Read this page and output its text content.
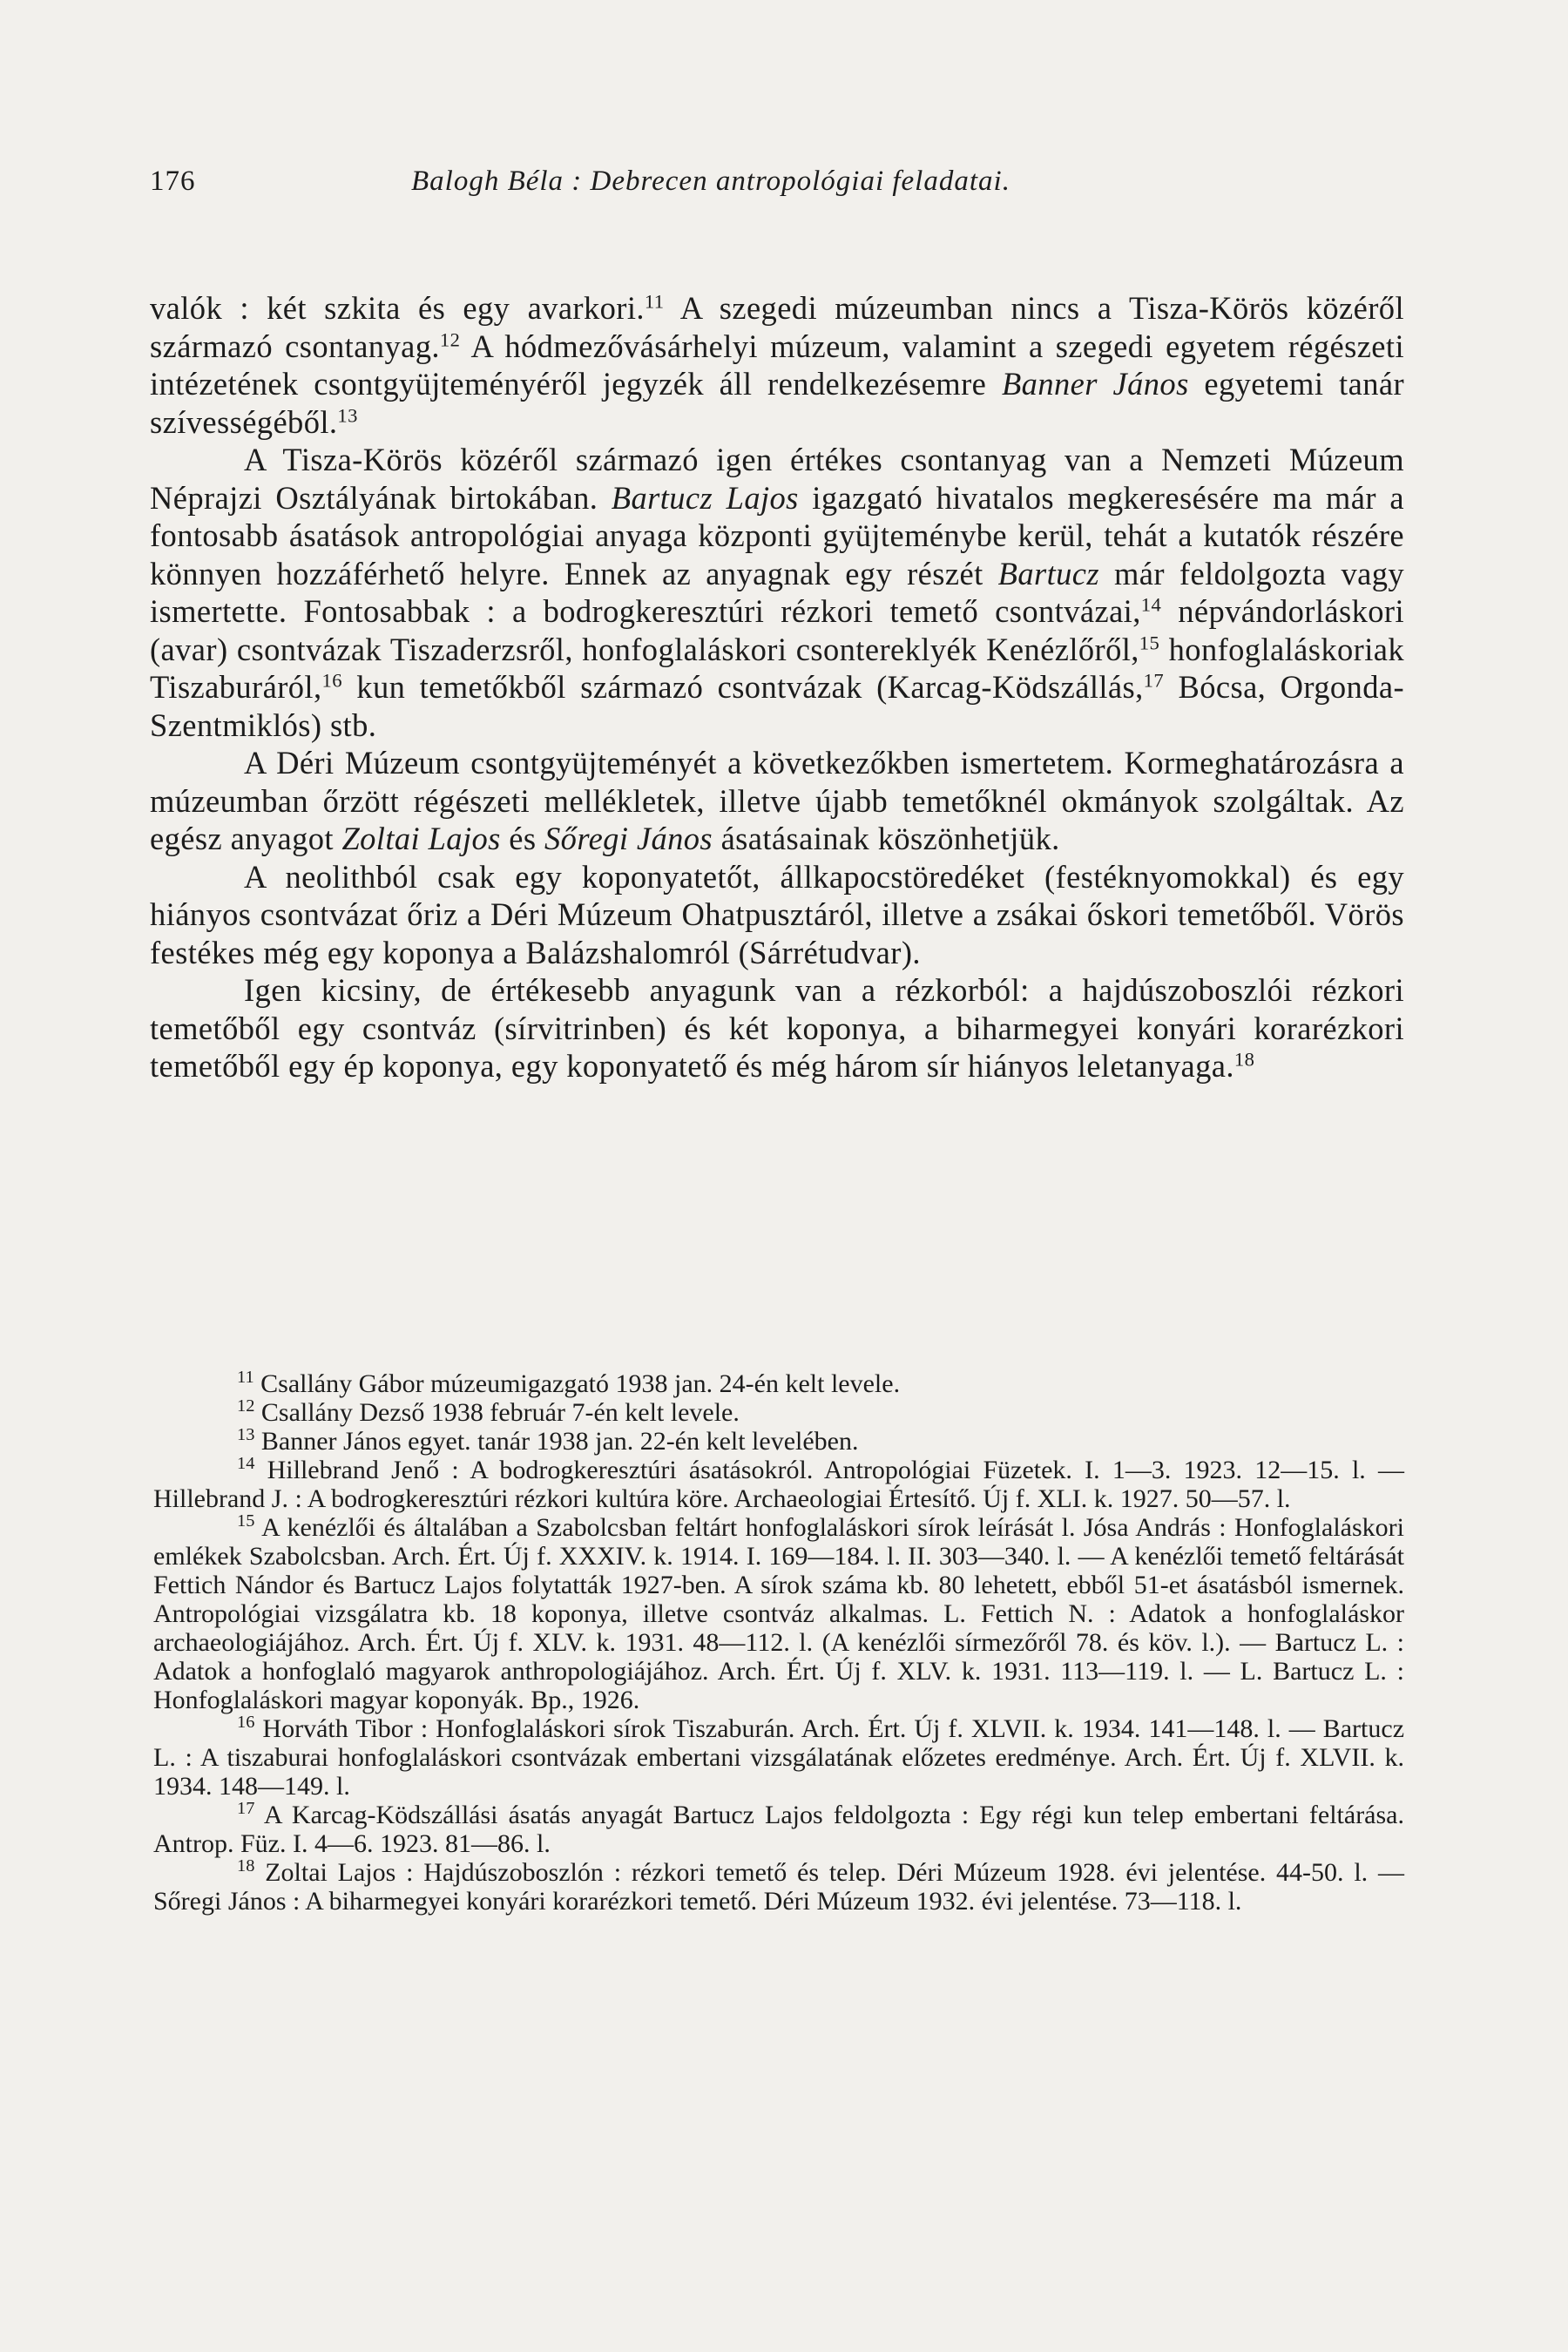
176	Balogh Béla : Debrecen antropológiai feladatai.

valók : két szkita és egy avarkori.$^{11}$ A szegedi múzeumban nincs a Tisza-Körös közéről származó csontanyag.$^{12}$ A hódmezővásárhelyi múzeum, valamint a szegedi egyetem régészeti intézetének csontgyüjteményéről jegyzék áll rendelkezésemre Banner János egyetemi tanár szívességéből.$^{13}$

A Tisza-Körös közéről származó igen értékes csontanyag van a Nemzeti Múzeum Néprajzi Osztályának birtokában. Bartucz Lajos igazgató hivatalos megkeresésére ma már a fontosabb ásatások antropológiai anyaga központi gyüjteménybe kerül, tehát a kutatók részére könnyen hozzáférhető helyre. Ennek az anyagnak egy részét Bartucz már feldolgozta vagy ismertette. Fontosabbak : a bodrogkeresztúri rézkori temető csontvázai,$^{14}$ népvándorláskori (avar) csontvázak Tiszaderzsről, honfoglaláskori csontereklyék Kenézlőről,$^{15}$ honfoglaláskoriak Tiszaburáról,$^{16}$ kun temetőkből származó csontvázak (Karcag-Ködszállás,$^{17}$ Bócsa, Orgonda-Szentmiklós) stb.

A Déri Múzeum csontgyüjteményét a következőkben ismertetem. Kormeghatározásra a múzeumban őrzött régészeti mellékletek, illetve újabb temetőknél okmányok szolgáltak. Az egész anyagot Zoltai Lajos és Sőregi János ásatásainak köszönhetjük.

A neolithból csak egy koponyatetőt, állkapocstöredéket (festéknyomokkal) és egy hiányos csontvázat őriz a Déri Múzeum Ohatpusztáról, illetve a zsákai őskori temetőből. Vörös festékes még egy koponya a Balázshalomról (Sárrétudvar).

Igen kicsiny, de értékesebb anyagunk van a rézkorból: a hajdúszoboszlói rézkori temetőből egy csontváz (sírvitrinben) és két koponya, a biharmegyei konyári korarézkori temetőből egy ép koponya, egy koponyatető és még három sír hiányos leletanyaga.$^{18}$

$^{11}$ Csallány Gábor múzeumigazgató 1938 jan. 24-én kelt levele.

$^{12}$ Csallány Dezső 1938 február 7-én kelt levele.

$^{13}$ Banner János egyet. tanár 1938 jan. 22-én kelt levelében.

$^{14}$ Hillebrand Jenő : A bodrogkeresztúri ásatásokról. Antropológiai Füzetek. I. 1—3. 1923. 12—15. l. — Hillebrand J. : A bodrogkeresztúri rézkori kultúra köre. Archaeologiai Értesítő. Új f. XLI. k. 1927. 50—57. l.

$^{15}$ A kenézlői és általában a Szabolcsban feltárt honfoglaláskori sírok leírását l. Jósa András : Honfoglaláskori emlékek Szabolcsban. Arch. Ért. Új f. XXXIV. k. 1914. I. 169—184. l. II. 303—340. l. — A kenézlői temető feltárását Fettich Nándor és Bartucz Lajos folytatták 1927-ben. A sírok száma kb. 80 lehetett, ebből 51-et ásatásból ismernek. Antropológiai vizsgálatra kb. 18 koponya, illetve csontváz alkalmas. L. Fettich N. : Adatok a honfoglaláskor archaeologiájához. Arch. Ért. Új f. XLV. k. 1931. 48—112. l. (A kenézlői sírmezőről 78. és köv. l.). — Bartucz L. : Adatok a honfoglaló magyarok anthropologiájához. Arch. Ért. Új f. XLV. k. 1931. 113—119. l. — L. Bartucz L. : Honfoglaláskori magyar koponyák. Bp., 1926.

$^{16}$ Horváth Tibor : Honfoglaláskori sírok Tiszaburán. Arch. Ért. Új f. XLVII. k. 1934. 141—148. l. — Bartucz L. : A tiszaburai honfoglaláskori csontvázak embertani vizsgálatának előzetes eredménye. Arch. Ért. Új f. XLVII. k. 1934. 148—149. l.

$^{17}$ A Karcag-Ködszállási ásatás anyagát Bartucz Lajos feldolgozta : Egy régi kun telep embertani feltárása. Antrop. Füz. I. 4—6. 1923. 81—86. l.

$^{18}$ Zoltai Lajos : Hajdúszoboszlón : rézkori temető és telep. Déri Múzeum 1928. évi jelentése. 44-50. l. — Sőregi János : A biharmegyei konyári korarézkori temető. Déri Múzeum 1932. évi jelentése. 73—118. l.
